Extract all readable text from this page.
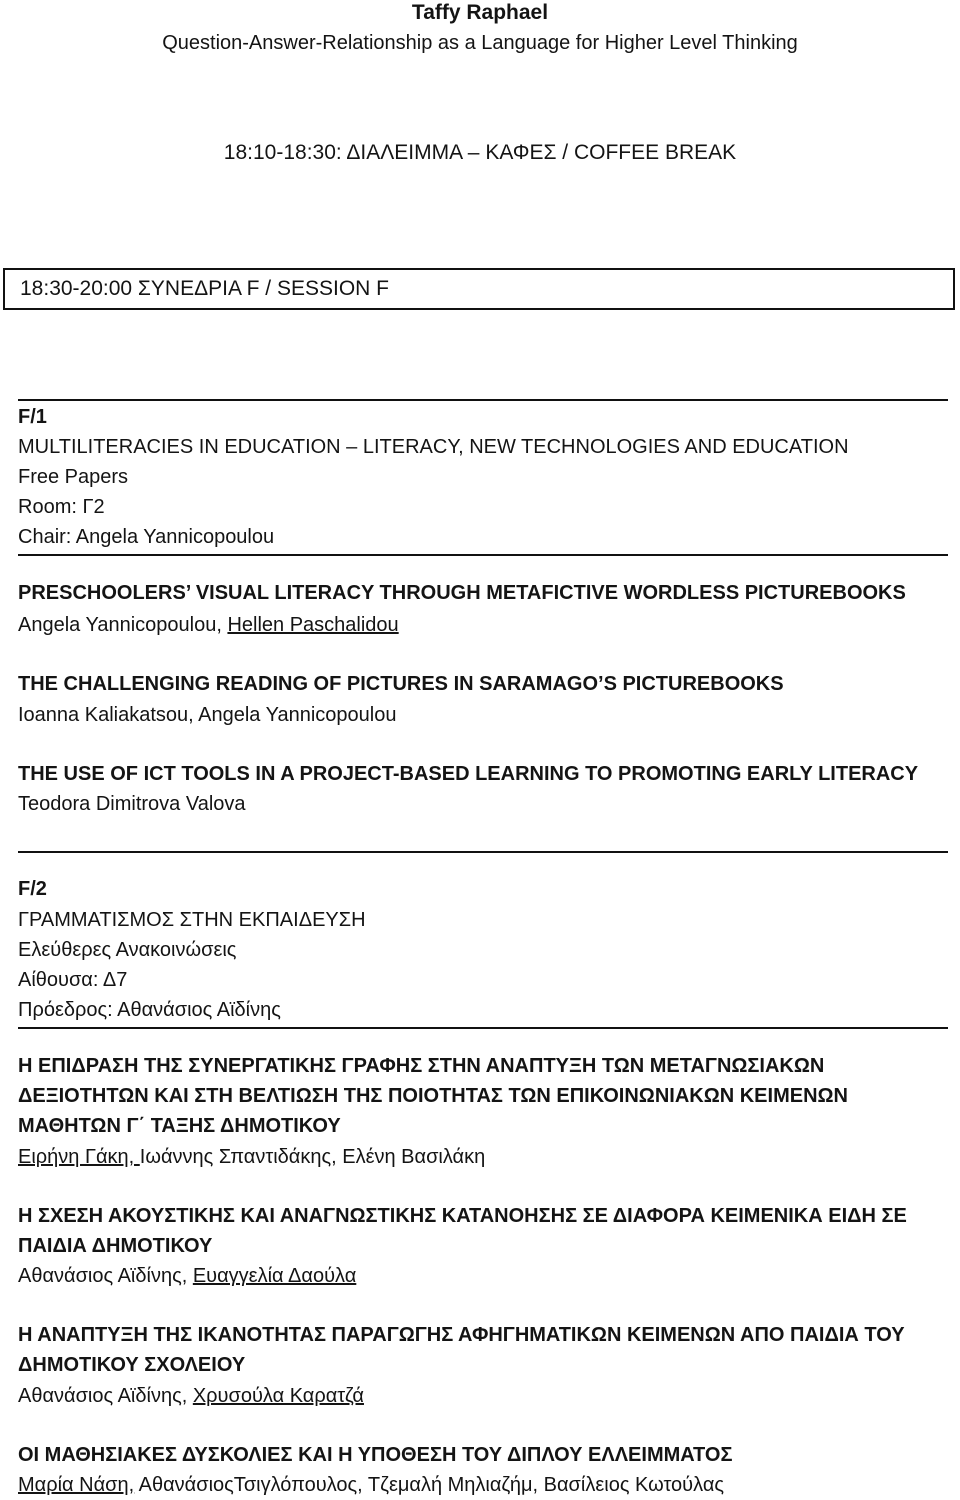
Taffy Raphael
Question-Answer-Relationship as a Language for Higher Level Thinking
18:10-18:30: ΔΙΑΛΕΙΜΜΑ – ΚΑΦΕΣ / COFFEE BREAK
18:30-20:00 ΣΥΝΕΔΡΙΑ F / SESSION F
F/1
MULTILITERACIES IN EDUCATION – LITERACY, NEW TECHNOLOGIES AND EDUCATION
Free Papers
Room: Γ2
Chair: Angela Yannicopoulou
PRESCHOOLERS’ VISUAL LITERACY THROUGH METAFICTIVE WORDLESS PICTUREBOOKS
Angela Yannicopoulou, Hellen Paschalidou
THE CHALLENGING READING OF PICTURES IN SARAMAGO’S PICTUREBOOKS
Ioanna Kaliakatsou, Angela Yannicopoulou
THE USE OF ICT TOOLS IN A PROJECT-BASED LEARNING TO PROMOTING EARLY LITERACY
Teodora Dimitrova Valova
F/2
ΓΡΑΜΜΑΤΙΣΜΟΣ ΣΤΗΝ ΕΚΠΑΙΔΕΥΣΗ
Ελεύθερες Ανακοινώσεις
Αίθουσα: Δ7
Πρόεδρος: Αθανάσιος Αϊδίνης
Η ΕΠΙΔΡΑΣΗ ΤΗΣ ΣΥΝΕΡΓΑΤΙΚΗΣ ΓΡΑΦΗΣ ΣΤΗΝ ΑΝΑΠΤΥΞΗ ΤΩΝ ΜΕΤΑΓΝΩΣΙΑΚΩΝ
ΔΕΞΙΟΤΗΤΩΝ ΚΑΙ ΣΤΗ ΒΕΛΤΙΩΣΗ ΤΗΣ ΠΟΙΟΤΗΤΑΣ ΤΩΝ ΕΠΙΚΟΙΝΩΝΙΑΚΩΝ ΚΕΙΜΕΝΩΝ
ΜΑΘΗΤΩΝ Γ΄ ΤΑΞΗΣ ΔΗΜΟΤΙΚΟΥ
Ειρήνη Γάκη, Ιωάννης Σπαντιδάκης, Ελένη Βασιλάκη
Η ΣΧΕΣΗ ΑΚΟΥΣΤΙΚΗΣ ΚΑΙ ΑΝΑΓΝΩΣΤΙΚΗΣ ΚΑΤΑΝΟΗΣΗΣ ΣΕ ΔΙΑΦΟΡΑ ΚΕΙΜΕΝΙΚΑ ΕΙΔΗ ΣΕ
ΠΑΙΔΙΑ ΔΗΜΟΤΙΚΟΥ
Αθανάσιος Αϊδίνης, Ευαγγελία Δαούλα
Η ΑΝΑΠΤΥΞΗ ΤΗΣ ΙΚΑΝΟΤΗΤΑΣ ΠΑΡΑΓΩΓΗΣ ΑΦΗΓΗΜΑΤΙΚΩΝ ΚΕΙΜΕΝΩΝ ΑΠΟ ΠΑΙΔΙΑ ΤΟΥ
ΔΗΜΟΤΙΚΟΥ ΣΧΟΛΕΙΟΥ
Αθανάσιος Αϊδίνης, Χρυσούλα Καρατζά
ΟΙ ΜΑΘΗΣΙΑΚΕΣ ΔΥΣΚΟΛΙΕΣ ΚΑΙ Η ΥΠΟΘΕΣΗ ΤΟΥ ΔΙΠΛΟΥ ΕΛΛΕΙΜΜΑΤΟΣ
Μαρία Νάση, ΑθανάσιοςΤσιγλόπουλος, Τζεμαλή Μηλιαζήμ, Βασίλειος Κωτούλας
